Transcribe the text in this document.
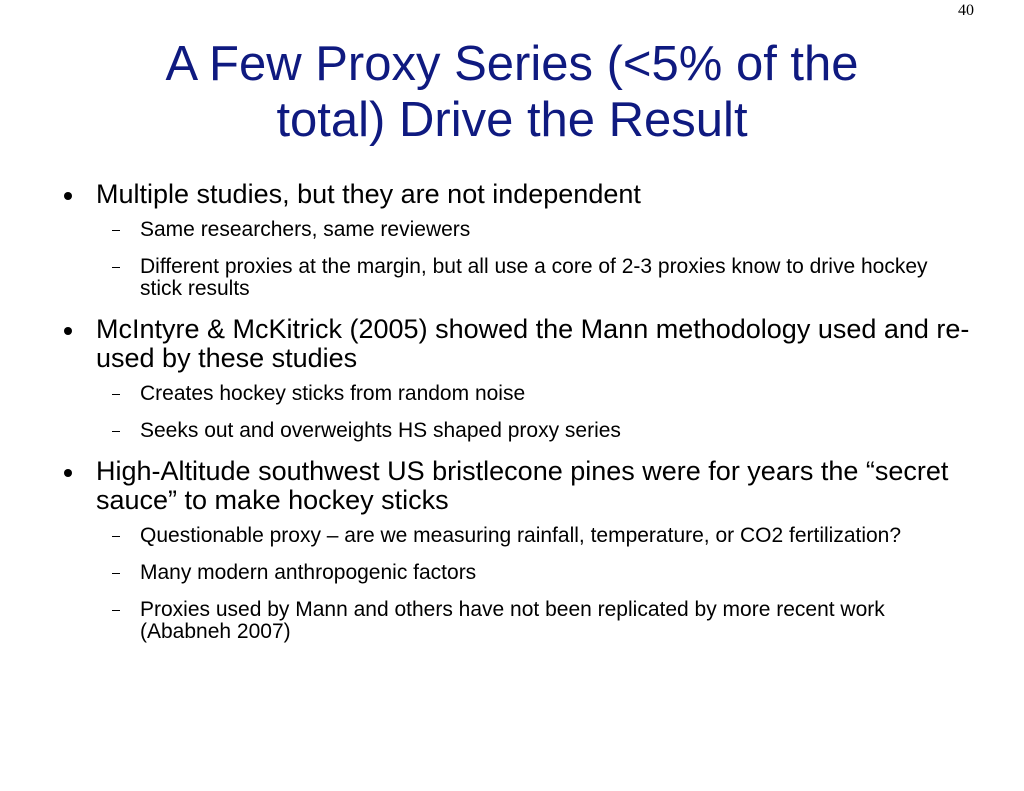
40
A Few Proxy Series (<5% of the
total) Drive the Result
Multiple studies, but they are not independent
Same researchers, same reviewers
Different proxies at the margin, but all use a core of 2-3 proxies know to drive hockey stick results
McIntyre & McKitrick (2005) showed the Mann methodology used and re-used by these studies
Creates hockey sticks from random noise
Seeks out and overweights HS shaped proxy series
High-Altitude southwest US bristlecone pines were for years the “secret sauce” to make hockey sticks
Questionable proxy – are we measuring rainfall, temperature, or CO2 fertilization?
Many modern anthropogenic factors
Proxies used by Mann and others have not been replicated by more recent work (Ababneh 2007)
